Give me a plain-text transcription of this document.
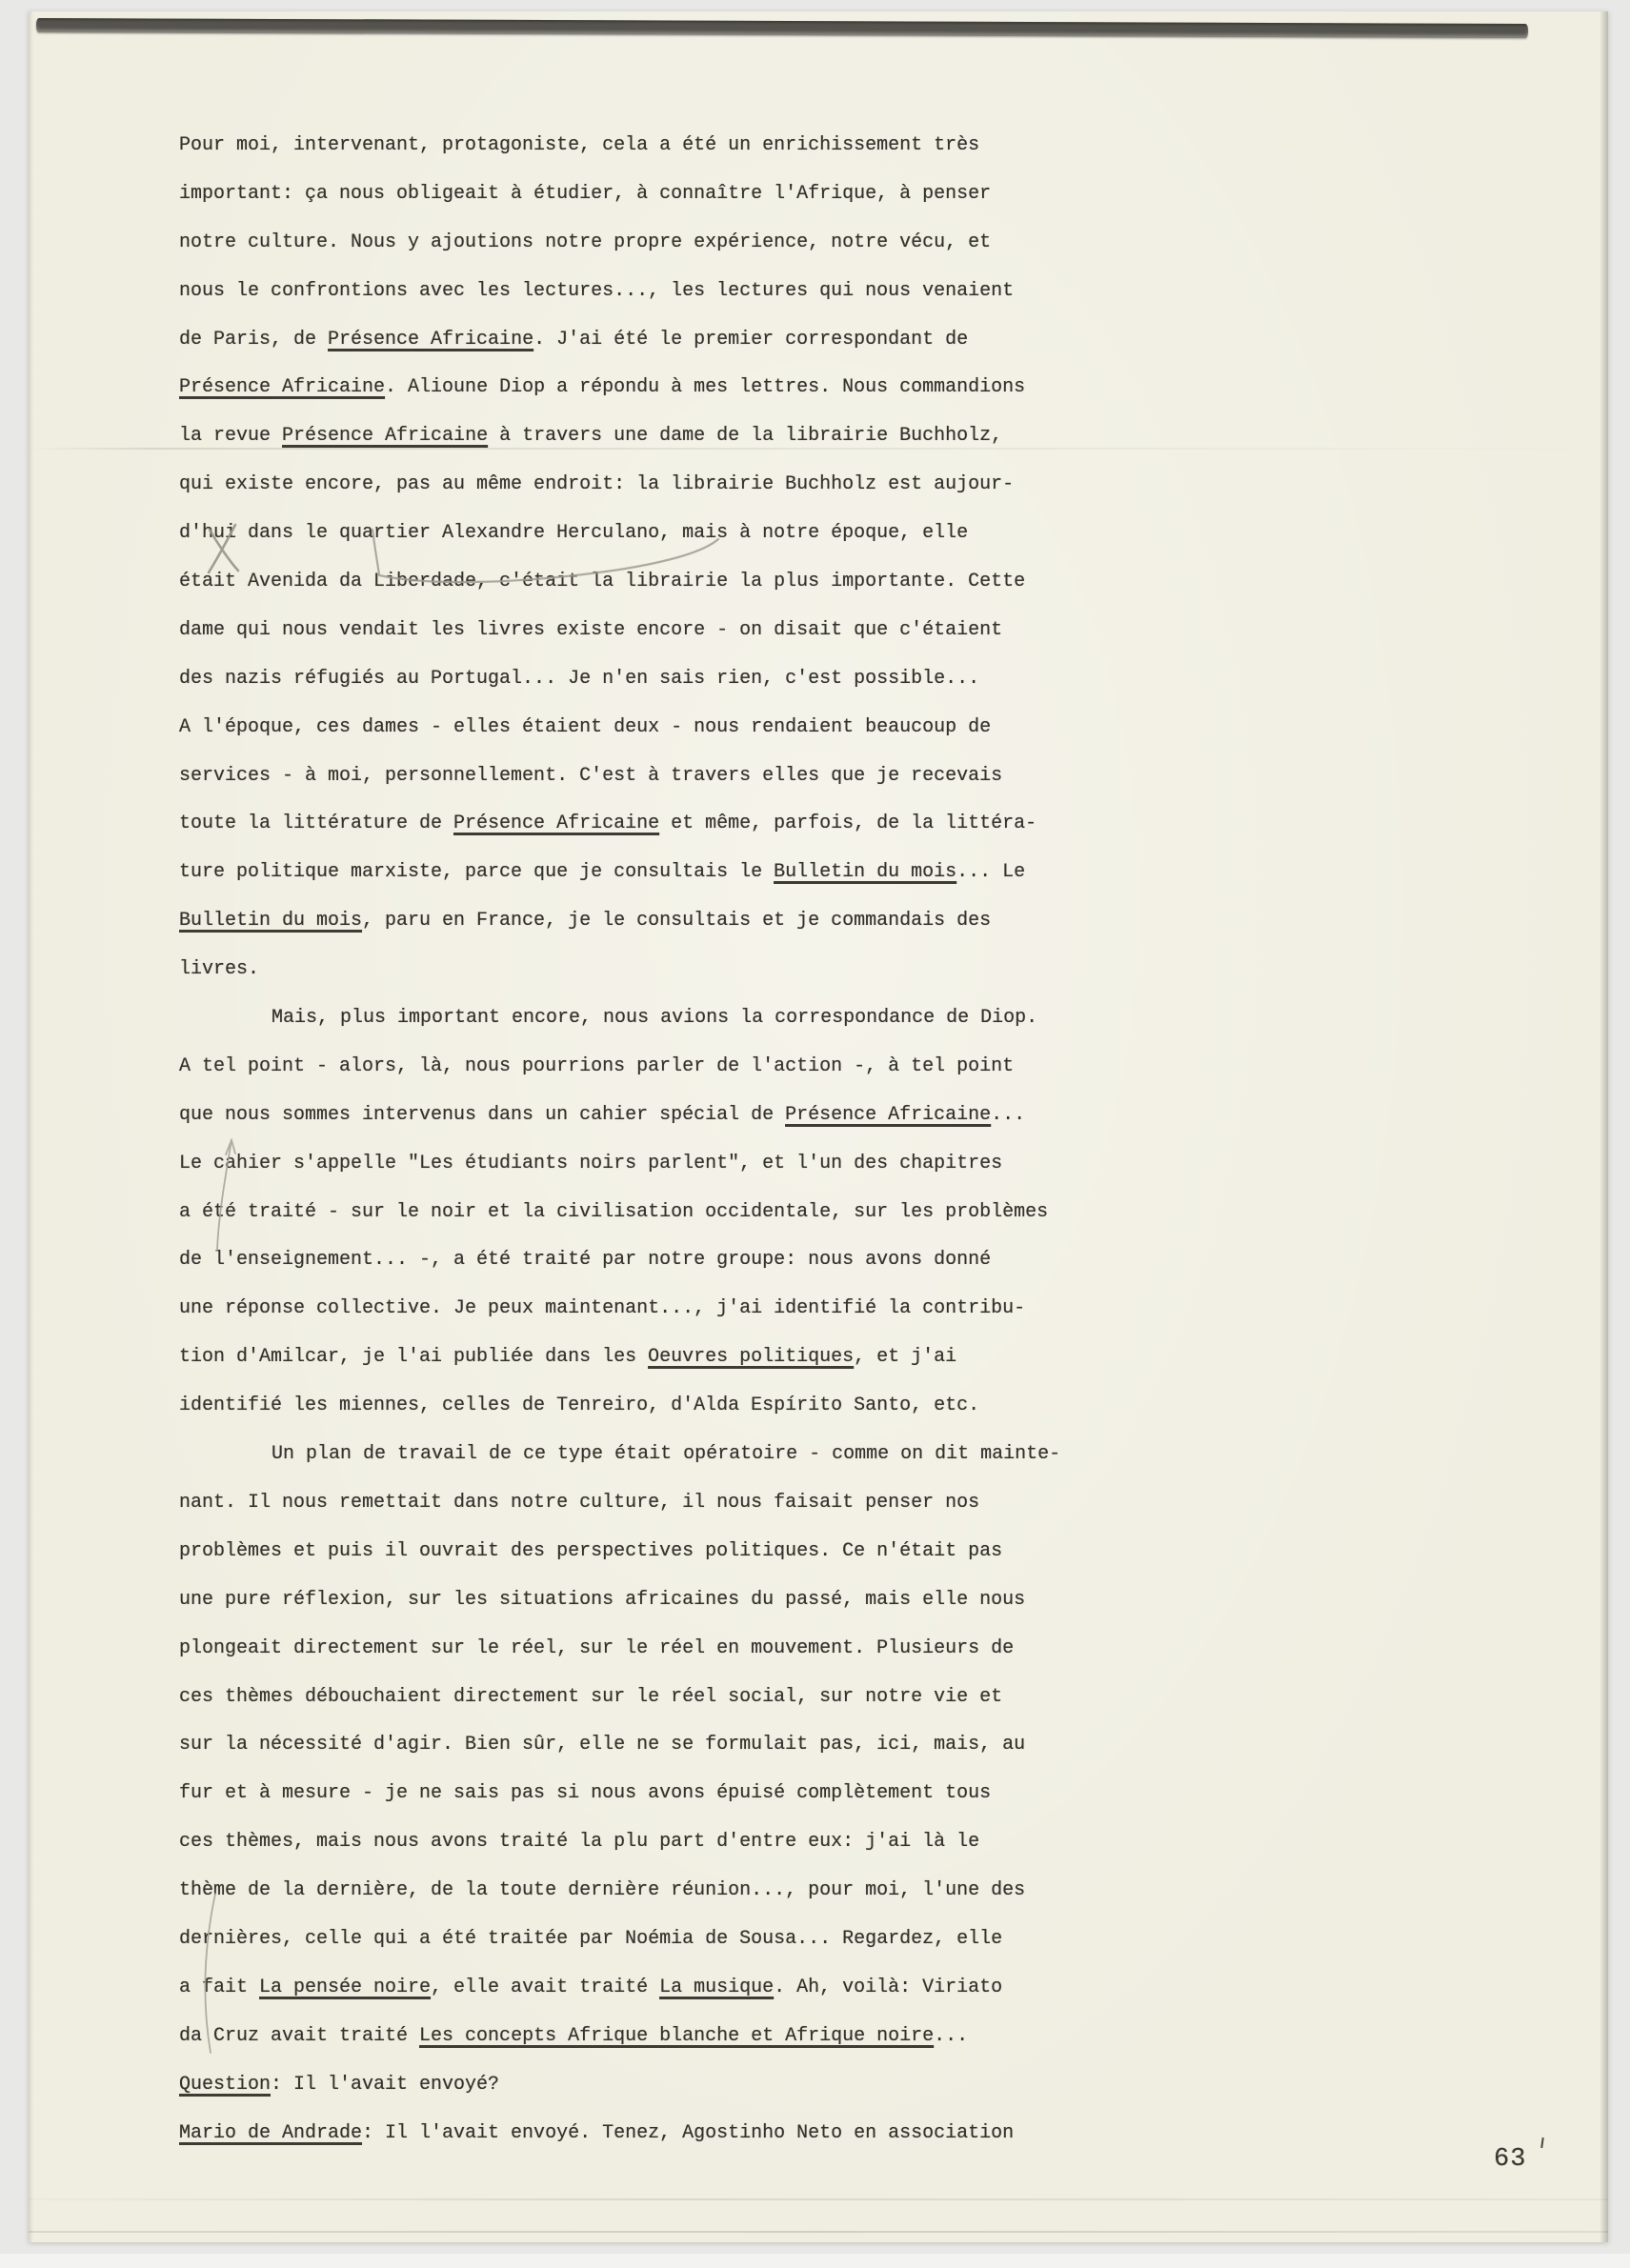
Pour moi, intervenant, protagoniste, cela a été un enrichissement très
important: ça nous obligeait à étudier, à connaître l'Afrique, à penser
notre culture. Nous y ajoutions notre propre expérience, notre vécu, et
nous le confrontions avec les lectures..., les lectures qui nous venaient
de Paris, de Présence Africaine. J'ai été le premier correspondant de
Présence Africaine. Alioune Diop a répondu à mes lettres. Nous commandions
la revue Présence Africaine à travers une dame de la librairie Buchholz,
qui existe encore, pas au même endroit: la librairie Buchholz est aujour-
d'hui dans le quartier Alexandre Herculano, mais à notre époque, elle
était Avenida da Liberdade, c'était la librairie la plus importante. Cette
dame qui nous vendait les livres existe encore - on disait que c'étaient
des nazis réfugiés au Portugal... Je n'en sais rien, c'est possible...
A l'époque, ces dames - elles étaient deux - nous rendaient beaucoup de
services - à moi, personnellement. C'est à travers elles que je recevais
toute la littérature de Présence Africaine et même, parfois, de la littéra-
ture politique marxiste, parce que je consultais le Bulletin du mois... Le
Bulletin du mois, paru en France, je le consultais et je commandais des
livres.
Mais, plus important encore, nous avions la correspondance de Diop.
A tel point - alors, là, nous pourrions parler de l'action -, à tel point
que nous sommes intervenus dans un cahier spécial de Présence Africaine...
Le cahier s'appelle "Les étudiants noirs parlent", et l'un des chapitres
a été traité - sur le noir et la civilisation occidentale, sur les problèmes
de l'enseignement... -, a été traité par notre groupe: nous avons donné
une réponse collective. Je peux maintenant..., j'ai identifié la contribu-
tion d'Amilcar, je l'ai publiée dans les Oeuvres politiques, et j'ai
identifié les miennes, celles de Tenreiro, d'Alda Espírito Santo, etc.
Un plan de travail de ce type était opératoire - comme on dit mainte-
nant. Il nous remettait dans notre culture, il nous faisait penser nos
problèmes et puis il ouvrait des perspectives politiques. Ce n'était pas
une pure réflexion, sur les situations africaines du passé, mais elle nous
plongeait directement sur le réel, sur le réel en mouvement. Plusieurs de
ces thèmes débouchaient directement sur le réel social, sur notre vie et
sur la nécessité d'agir. Bien sûr, elle ne se formulait pas, ici, mais, au
fur et à mesure - je ne sais pas si nous avons épuisé complètement tous
ces thèmes, mais nous avons traité la plu part d'entre eux: j'ai là le
thème de la dernière, de la toute dernière réunion..., pour moi, l'une des
dernières, celle qui a été traitée par Noémia de Sousa... Regardez, elle
a fait La pensée noire, elle avait traité La musique. Ah, voilà: Viriato
da Cruz avait traité Les concepts Afrique blanche et Afrique noire...
Question: Il l'avait envoyé?
Mario de Andrade: Il l'avait envoyé. Tenez, Agostinho Neto en association
63
